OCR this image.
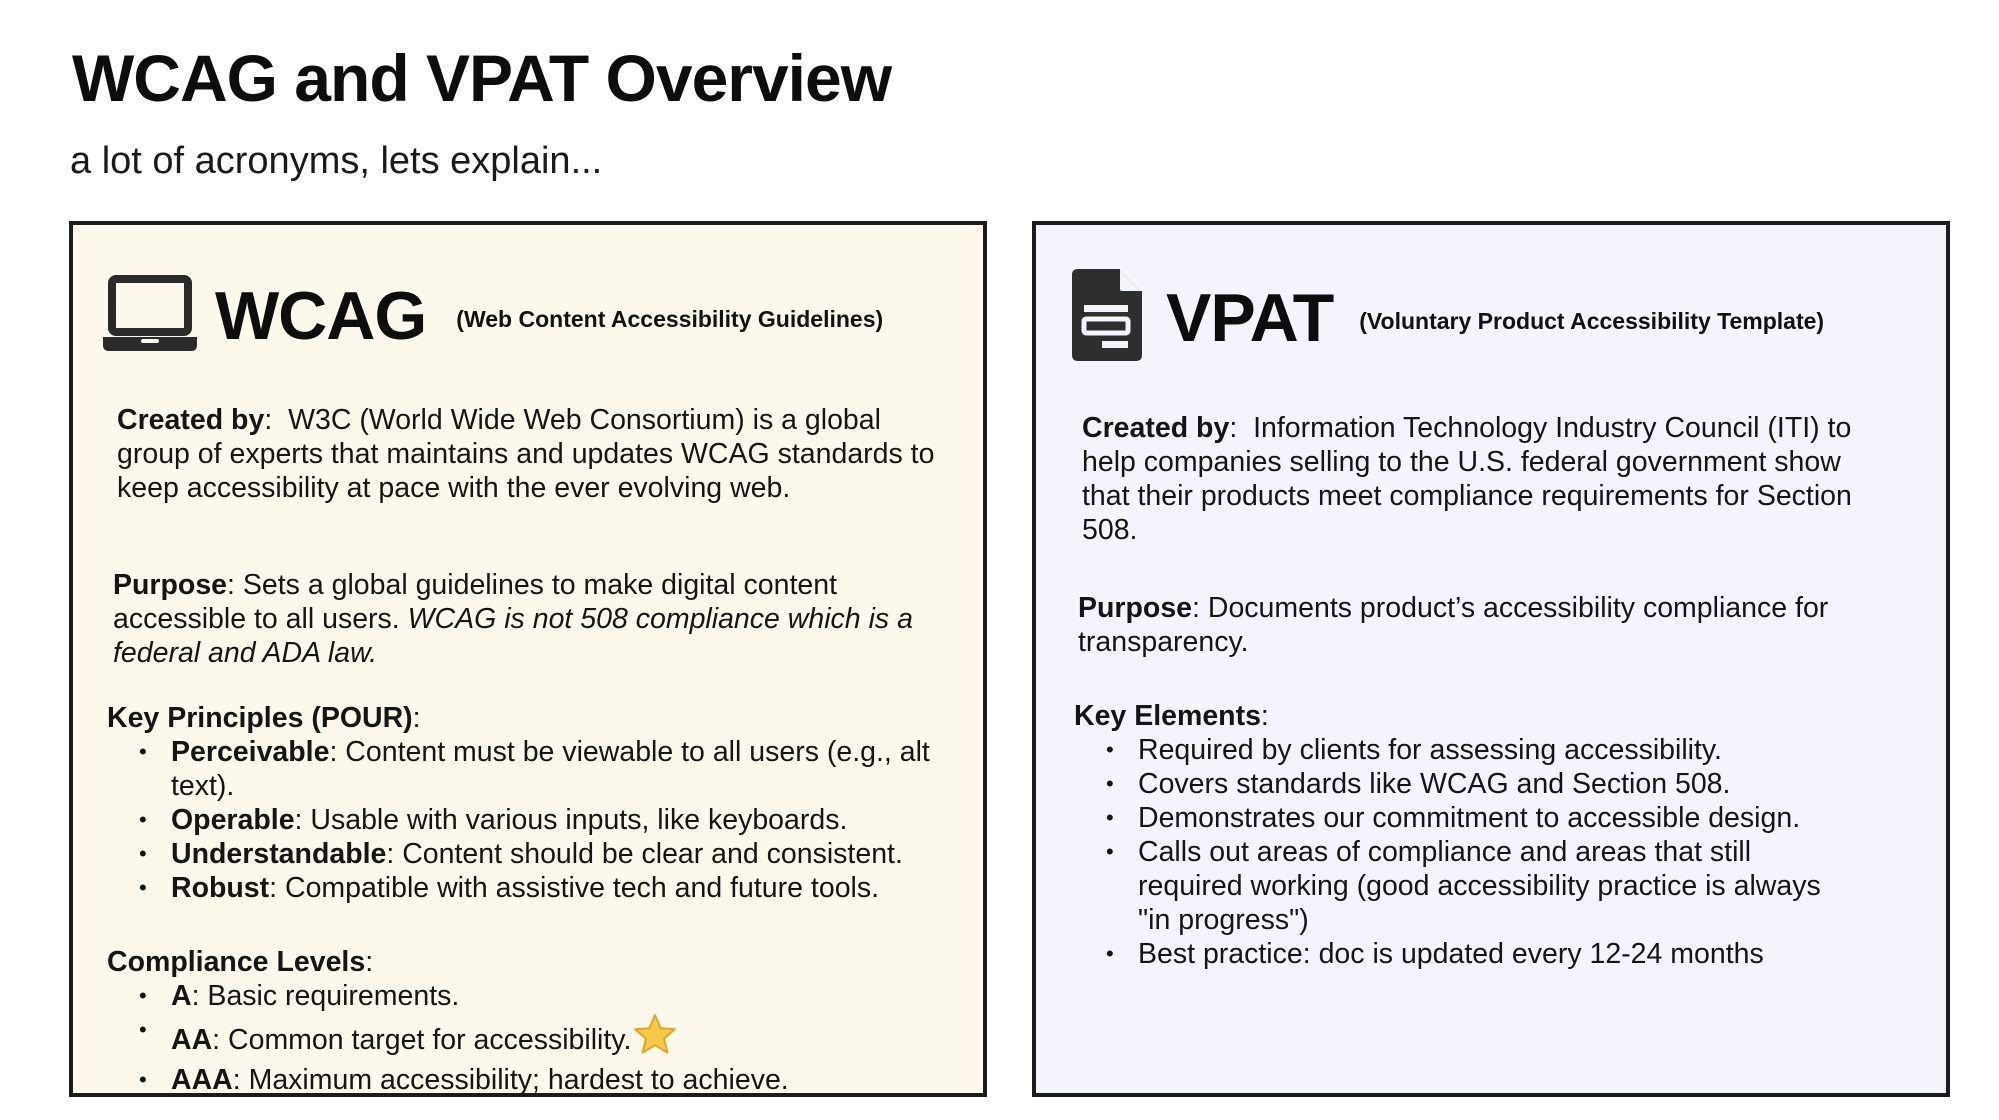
WCAG and VPAT Overview

a lot of acronyms, lets explain...

WCAG (Web Content Accessibility Guidelines)
Created by:  W3C (World Wide Web Consortium) is a global group of experts that maintains and updates WCAG standards to keep accessibility at pace with the ever evolving web.
Purpose: Sets a global guidelines to make digital content accessible to all users. WCAG is not 508 compliance which is a federal and ADA law.
Key Principles (POUR):
• Perceivable: Content must be viewable to all users (e.g., alt text).
• Operable: Usable with various inputs, like keyboards.
• Understandable: Content should be clear and consistent.
• Robust: Compatible with assistive tech and future tools.
Compliance Levels:
• A: Basic requirements.
• AA: Common target for accessibility.
• AAA: Maximum accessibility; hardest to achieve.
VPAT (Voluntary Product Accessibility Template)
Created by:  Information Technology Industry Council (ITI) to help companies selling to the U.S. federal government show that their products meet compliance requirements for Section 508.
Purpose: Documents product’s accessibility compliance for transparency.
Key Elements:
• Required by clients for assessing accessibility.
• Covers standards like WCAG and Section 508.
• Demonstrates our commitment to accessible design.
• Calls out areas of compliance and areas that still required working (good accessibility practice is always "in progress")
• Best practice: doc is updated every 12-24 months
